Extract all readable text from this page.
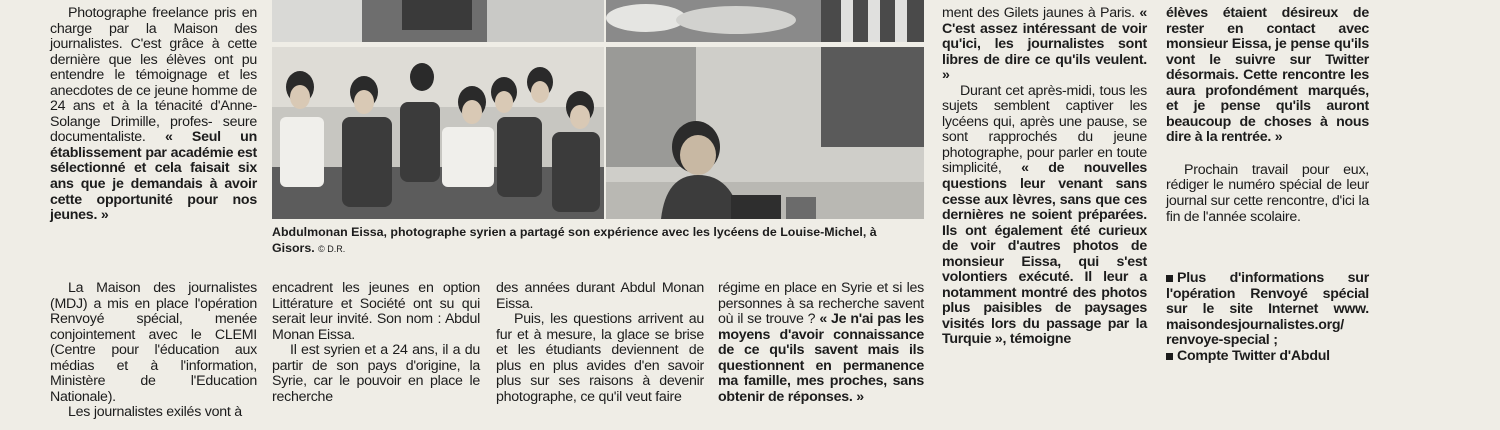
Photographe freelance pris en charge par la Maison des journalistes. C'est grâce à cette dernière que les élèves ont pu entendre le témoignage et les anecdotes de ce jeune homme de 24 ans et à la ténacité d'Anne-Solange Drimille, profes- seure documentaliste. « Seul un établissement par académie est sélectionné et cela faisait six ans que je demandais à avoir cette opportunité pour nos jeunes. »

La Maison des journalistes (MDJ) a mis en place l'opération Renvoyé spécial, menée conjointement avec le CLEMI (Centre pour l'éducation aux médias et à l'information, Ministère de l'Education Nationale).

Les journalistes exilés vont à

Abdulmonan Eissa, photographe syrien a partagé son expérience avec les lycéens de Louise-Michel, à Gisors. © D.R.

encadrent les jeunes en option Littérature et Société ont su qui serait leur invité. Son nom : Abdul Monan Eissa.

Il est syrien et a 24 ans, il a du partir de son pays d'origine, la Syrie, car le pouvoir en place le recherche

des années durant Abdul Monan Eissa.

Puis, les questions arrivent au fur et à mesure, la glace se brise et les étudiants deviennent de plus en plus avides d'en savoir plus sur ses raisons à devenir photographe, ce qu'il veut faire

régime en place en Syrie et si les personnes à sa recherche savent où il se trouve ? « Je n'ai pas les moyens d'avoir connaissance de ce qu'ils savent mais ils questionnent en permanence ma famille, mes proches, sans obtenir de réponses. »

ment des Gilets jaunes à Paris. « C'est assez intéressant de voir qu'ici, les journalistes sont libres de dire ce qu'ils veulent. »

Durant cet après-midi, tous les sujets semblent captiver les lycéens qui, après une pause, se sont rapprochés du jeune photographe, pour parler en toute simplicité, « de nouvelles questions leur venant sans cesse aux lèvres, sans que ces dernières ne soient préparées. Ils ont également été curieux de voir d'autres photos de monsieur Eissa, qui s'est volontiers exécuté. Il leur a notamment montré des photos plus paisibles de paysages visités lors du passage par la Turquie », témoigne

élèves étaient désireux de rester en contact avec monsieur Eissa, je pense qu'ils vont le suivre sur Twitter désormais. Cette rencontre les aura profondément marqués, et je pense qu'ils auront beaucoup de choses à nous dire à la rentrée. »

Prochain travail pour eux, rédiger le numéro spécial de leur journal sur cette rencontre, d'ici la fin de l'année scolaire.

Plus d'informations sur l'opération Renvoyé spécial sur le site Internet www. maisondesjournalistes.org/ renvoye-special ;

Compte Twitter d'Abdul
